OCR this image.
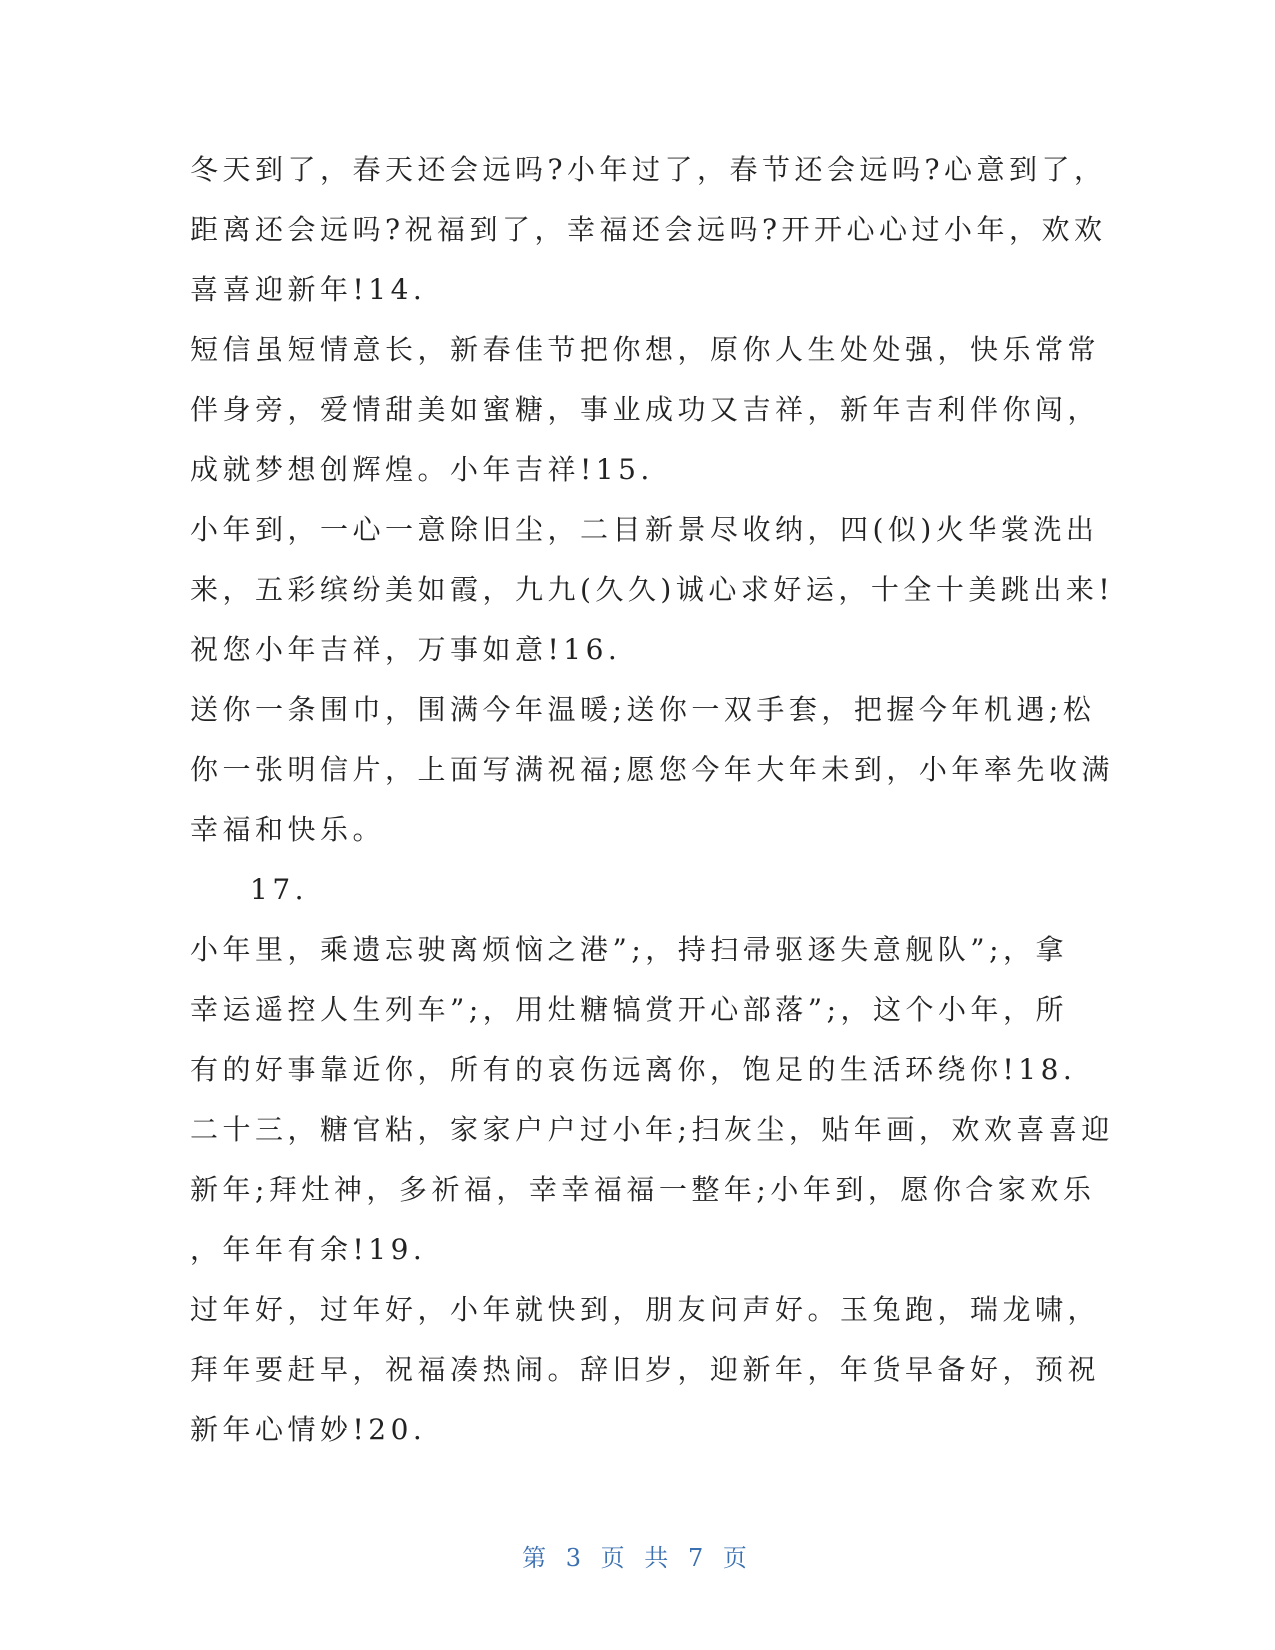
冬天到了，春天还会远吗?小年过了，春节还会远吗?心意到了，
距离还会远吗?祝福到了，幸福还会远吗?开开心心过小年，欢欢
喜喜迎新年!14.
短信虽短情意长，新春佳节把你想，原你人生处处强，快乐常常
伴身旁，爱情甜美如蜜糖，事业成功又吉祥，新年吉利伴你闯，
成就梦想创辉煌。小年吉祥!15.
小年到，一心一意除旧尘，二目新景尽收纳，四(似)火华裳洗出
来，五彩缤纷美如霞，九九(久久)诚心求好运，十全十美跳出来!
祝您小年吉祥，万事如意!16.
送你一条围巾，围满今年温暖;送你一双手套，把握今年机遇;松
你一张明信片，上面写满祝福;愿您今年大年未到，小年率先收满
幸福和快乐。
17.
小年里，乘遗忘驶离烦恼之港”;，持扫帚驱逐失意舰队”;，拿
幸运遥控人生列车”;，用灶糖犒赏开心部落”;，这个小年，所
有的好事靠近你，所有的哀伤远离你，饱足的生活环绕你!18.
二十三，糖官粘，家家户户过小年;扫灰尘，贴年画，欢欢喜喜迎
新年;拜灶神，多祈福，幸幸福福一整年;小年到，愿你合家欢乐
，年年有余!19.
过年好，过年好，小年就快到，朋友问声好。玉兔跑，瑞龙啸，
拜年要赶早，祝福凑热闹。辞旧岁，迎新年，年货早备好，预祝
新年心情妙!20.
第 3 页 共 7 页
